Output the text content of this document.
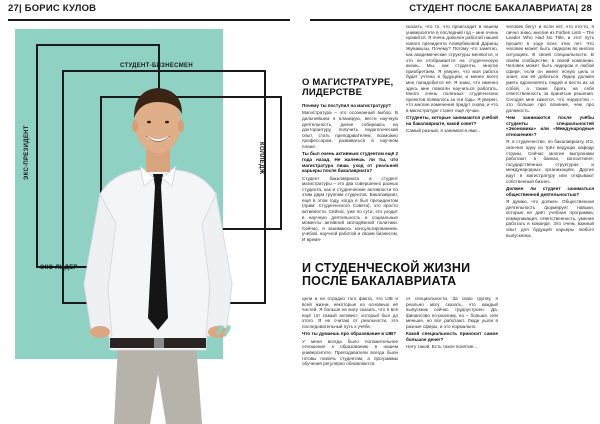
27| БОРИС КУЛОВ	СТУДЕНТ ПОСЛЕ БАКАЛАВРИАТА| 28
СТУДЕНТ-БИЗНЕСМЕН
ЭКС-ПРЕЗИДЕНТ
ЭКС-ЛИДЕР
КОЛЛЕДЖ
”
О МАГИСТРАТУРЕ, ЛИДЕРСТВЕ

Почему ты поступил на магистратуру?

Магистратура – это осознанный выбор. В дальнейшем я планирую, вести научную деятельность, далее собираюсь на докторантуру, получить педагогический опыт, стать преподавателем, возможно профессором, развиваться в научном плане.

Ты был очень активным студентом ещё 2 года назад. Не жалеешь ли ты, что магистратура лишь уход от реальной карьеры после бакалавриата?

Студент бакалавриата и студент магистратуры – это два совершенно разных студента, как и студенческие активности по этим двум группам студентов. Бакалавриат, ещё в этом году, когда я был президентом (прим: Студенческого Совета), это просто активности. Сейчас, уже по сути, это уходит в научную деятельность и социальные моменты активной молодёжной политики. Сейчас, я занимаюсь консультированием, учебой, научной работой и своим бизнесом. И время-

сказать, что то, что происходит в нашем университете в последний год – мне очень нравится. Я очень доволен работой нашей нового президента Алиярбековой Дарины Жумакызы. Почему? Потому что заметно, как академические структуры меняются, и это не отображается на студенческую жизнь. Мы, как студенты, многое приобретаем. Я уверен, что моя работа будет учтена в будущем, и менее всего мне понадобится её. Я знаю, что именно здесь мне помогли научиться работать. Много очень полезных студенческих проектов появилось за эти годы. Я уверен, что многие изменения придут снова, и что в магистратуре станет ещё лучше.

Студенты, которые занимаются учёбой на бакалавриате, какой совет?

Самый разный, я занимался ими...

человек бегут и если нет, что кто-то, я лично знаю, многие из Forbes Lists – The Leader Who Had No Title, и этот путь прошёл в ходе всех этих лет. Что человек может быть лидером во многих ситуациях. В своей специальности. В своём сообществе, в своей компании. Человек может быть лидером в любой сфере, если он имеет ясную цель и знает, как её добиться. Лидер должен уметь вдохновлять людей и вести их за собой, а также брать на себя ответственность за принятые решения. Сегодня мне кажется, что лидерство – это больше про влияние, чем про должность.

Чем занимаются после учёбы студенты специальностей «Экономика» или «Международные отношения»?

Я, в студенчестве, по бакалавриату, ИЭ, окончил одну из трёх ведущих кафедр страны. Сейчас многие выпускники работают в банках, консалтинге, государственных структурах и международных организациях. Другие идут в магистратуру или открывают собственный бизнес.

Должен ли студент заниматься общественной деятельностью?

Я думаю, что должен. Общественная деятельность формирует навыки, которые не даёт учебная программа: коммуникация, ответственность, умение работать в команде. Это очень важный опыт для будущей карьеры любого выпускника.

И СТУДЕНЧЕСКОЙ ЖИЗНИ ПОСЛЕ БАКАЛАВРИАТА

цели и не отрадно того факта, что UIB и всей жизни, некоторые из основных её частей. Я больше не могу сказать, что я всё ещё тот самый активист, который был до этого. Я не считаю от реальности, это последовательный путь к учёбе.

Что ты думаешь про образование в UIB?

У меня всегда было положительное отношение к образованию в нашем университете. Преподаватели всегда были готовы помочь студентам, а программы обучения регулярно обновляются.

от специальности. За свою группу, я реально могу сказать, что каждый выпускник сейчас трудоустроен. Да, финансово по-разному, но – больше, или меньше, но все работают. Люди ушли в разные сферы, и это нормально.

Какой специальность приносит самое большое денег?

Нету такой. Есть такое понятие...
